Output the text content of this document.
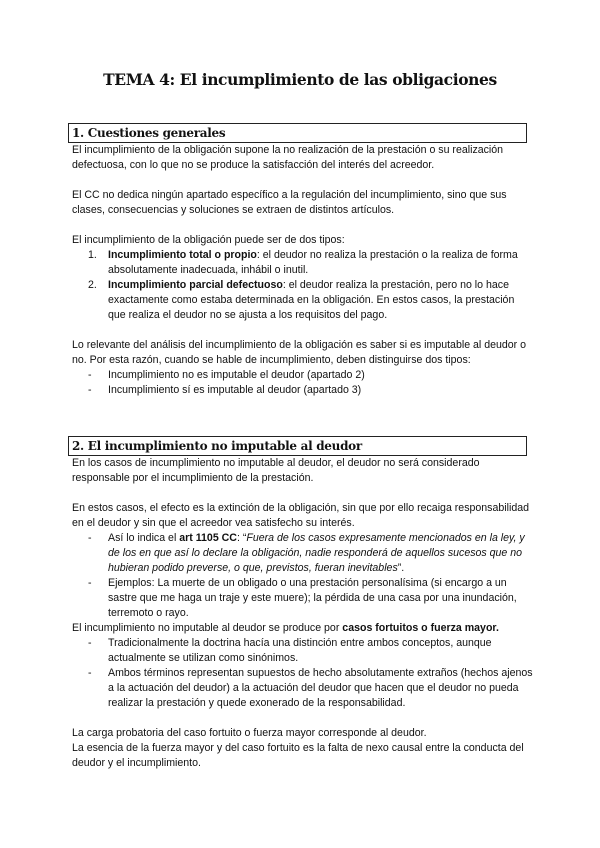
TEMA 4: El incumplimiento de las obligaciones
1. Cuestiones generales

El incumplimiento de la obligación supone la no realización de la prestación o su realización defectuosa, con lo que no se produce la satisfacción del interés del acreedor.

El CC no dedica ningún apartado específico a la regulación del incumplimiento, sino que sus clases, consecuencias y soluciones se extraen de distintos artículos.

El incumplimiento de la obligación puede ser de dos tipos:

1.	Incumplimiento total o propio: el deudor no realiza la prestación o la realiza de forma absolutamente inadecuada, inhábil o inutil.
2.	Incumplimiento parcial defectuoso: el deudor realiza la prestación, pero no lo hace exactamente como estaba determinada en la obligación. En estos casos, la prestación que realiza el deudor no se ajusta a los requisitos del pago.

Lo relevante del análisis del incumplimiento de la obligación es saber si es imputable al deudor o no. Por esta razón, cuando se hable de incumplimiento, deben distinguirse dos tipos:

-	Incumplimiento no es imputable el deudor (apartado 2)
-	Incumplimiento sí es imputable al deudor (apartado 3)
2. El incumplimiento no imputable al deudor

En los casos de incumplimiento no imputable al deudor, el deudor no será considerado responsable por el incumplimiento de la prestación.

En estos casos, el efecto es la extinción de la obligación, sin que por ello recaiga responsabilidad en el deudor y sin que el acreedor vea satisfecho su interés.

-	Así lo indica el art 1105 CC: “Fuera de los casos expresamente mencionados en la ley, y de los en que así lo declare la obligación, nadie responderá de aquellos sucesos que no hubieran podido preverse, o que, previstos, fueran inevitables”.
-	Ejemplos: La muerte de un obligado o una prestación personalísima (si encargo a un sastre que me haga un traje y este muere); la pérdida de una casa por una inundación, terremoto o rayo.

El incumplimiento no imputable al deudor se produce por casos fortuitos o fuerza mayor.

-	Tradicionalmente la doctrina hacía una distinción entre ambos conceptos, aunque actualmente se utilizan como sinónimos.
-	Ambos términos representan supuestos de hecho absolutamente extraños (hechos ajenos a la actuación del deudor) a la actuación del deudor que hacen que el deudor no pueda realizar la prestación y quede exonerado de la responsabilidad.

La carga probatoria del caso fortuito o fuerza mayor corresponde al deudor.

La esencia de la fuerza mayor y del caso fortuito es la falta de nexo causal entre la conducta del deudor y el incumplimiento.
